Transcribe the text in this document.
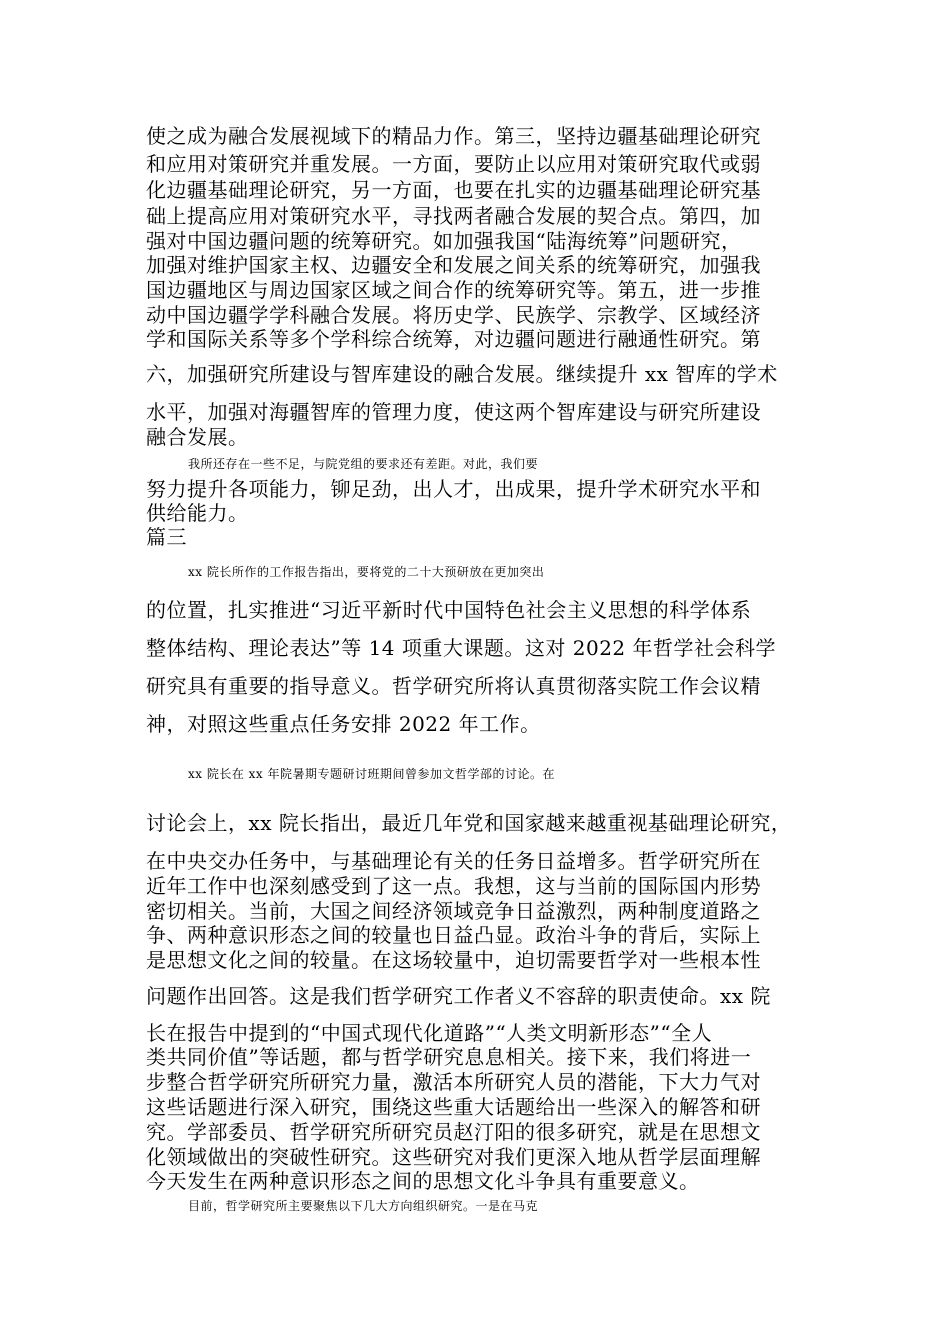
使之成为融合发展视域下的精品力作。第三，坚持边疆基础理论研究
和应用对策研究并重发展。一方面，要防止以应用对策研究取代或弱
化边疆基础理论研究，另一方面，也要在扎实的边疆基础理论研究基
础上提高应用对策研究水平，寻找两者融合发展的契合点。第四，加
强对中国边疆问题的统筹研究。如加强我国“陆海统筹”问题研究，
加强对维护国家主权、边疆安全和发展之间关系的统筹研究，加强我
国边疆地区与周边国家区域之间合作的统筹研究等。第五，进一步推
动中国边疆学学科融合发展。将历史学、民族学、宗教学、区域经济
学和国际关系等多个学科综合统筹，对边疆问题进行融通性研究。第
六，加强研究所建设与智库建设的融合发展。继续提升 xx 智库的学术
水平，加强对海疆智库的管理力度，使这两个智库建设与研究所建设
融合发展。
我所还存在一些不足，与院党组的要求还有差距。对此，我们要
努力提升各项能力，铆足劲，出人才，出成果，提升学术研究水平和
供给能力。
篇三
xx 院长所作的工作报告指出，要将党的二十大预研放在更加突出
的位置，扎实推进“习近平新时代中国特色社会主义思想的科学体系
整体结构、理论表达”等 14 项重大课题。这对 2022 年哲学社会科学
研究具有重要的指导意义。哲学研究所将认真贯彻落实院工作会议精
神，对照这些重点任务安排 2022 年工作。
xx 院长在 xx 年院暑期专题研讨班期间曾参加文哲学部的讨论。在
讨论会上，xx 院长指出，最近几年党和国家越来越重视基础理论研究，
在中央交办任务中，与基础理论有关的任务日益增多。哲学研究所在
近年工作中也深刻感受到了这一点。我想，这与当前的国际国内形势
密切相关。当前，大国之间经济领域竞争日益激烈，两种制度道路之
争、两种意识形态之间的较量也日益凸显。政治斗争的背后，实际上
是思想文化之间的较量。在这场较量中，迫切需要哲学对一些根本性
问题作出回答。这是我们哲学研究工作者义不容辞的职责使命。xx 院
长在报告中提到的“中国式现代化道路”“人类文明新形态”“全人
类共同价值”等话题，都与哲学研究息息相关。接下来，我们将进一
步整合哲学研究所研究力量，激活本所研究人员的潜能，下大力气对
这些话题进行深入研究，围绕这些重大话题给出一些深入的解答和研
究。学部委员、哲学研究所研究员赵汀阳的很多研究，就是在思想文
化领域做出的突破性研究。这些研究对我们更深入地从哲学层面理解
今天发生在两种意识形态之间的思想文化斗争具有重要意义。
目前，哲学研究所主要聚焦以下几大方向组织研究。一是在马克
